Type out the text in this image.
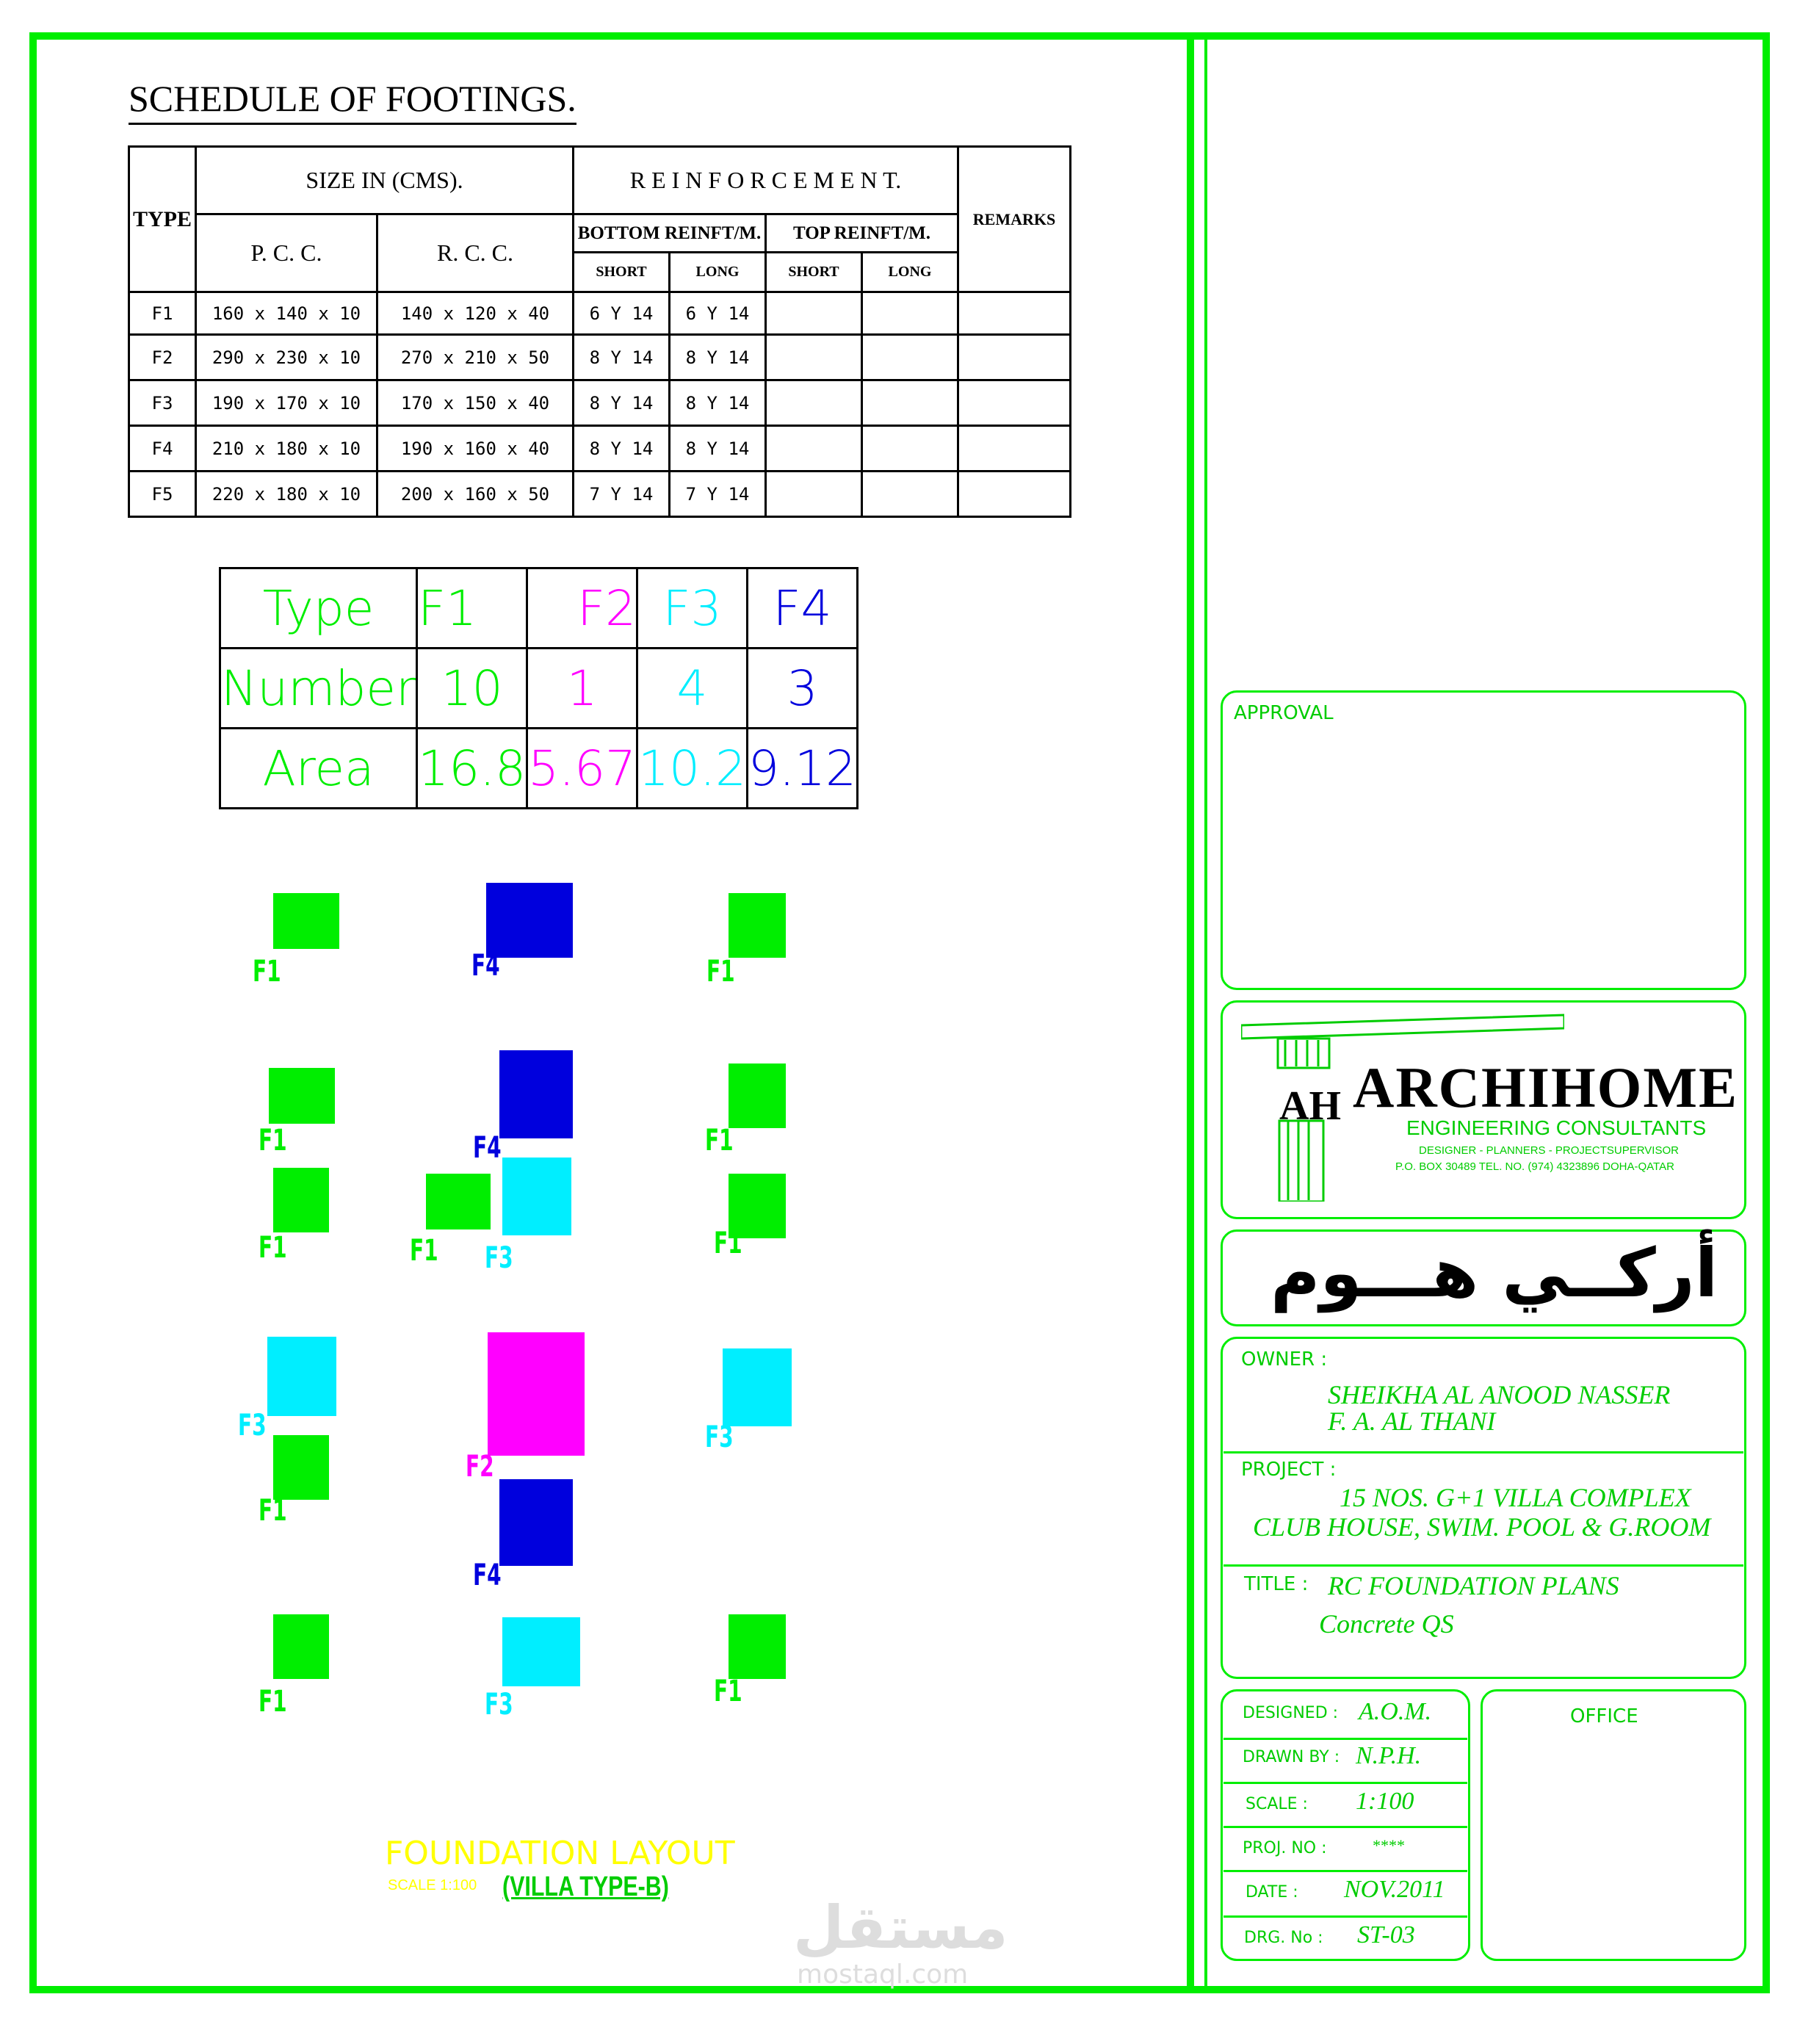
SCHEDULE OF FOOTINGS.
TYPE	SIZE IN (CMS).		R E I N F O R C E M E N T.				REMARKS
	P. C. C.	R. C. C.	BOTTOM REINFT/M.		TOP REINFT/M.		
			SHORT	LONG	SHORT	LONG	
F1	160 x 140 x 10	140 x 120 x 40	6 Y 14	6 Y 14			
F2	290 x 230 x 10	270 x 210 x 50	8 Y 14	8 Y 14			
F3	190 x 170 x 10	170 x 150 x 40	8 Y 14	8 Y 14			
F4	210 x 180 x 10	190 x 160 x 40	8 Y 14	8 Y 14			
F5	220 x 180 x 10	200 x 160 x 50	7 Y 14	7 Y 14			
Type	F1	F2	F3	F4
Number	10	1	4	3
Area	16.8	5.67	10.2	9.12
F1	F4	F1
F1	F4	F1
F1	F1 F3	F1
F3
F2
F3
F1
F4
F1	F3	F1
FOUNDATION LAYOUT
SCALE 1:100 (VILLA TYPE-B)
APPROVAL
AH ARCHIHOME
ENGINEERING CONSULTANTS
DESIGNER - PLANNERS - PROJECTSUPERVISOR
P.O. BOX 30489 TEL. NO. (974) 4323896 DOHA-QATAR
أركــي هـــوم
OWNER :
SHEIKHA AL ANOOD NASSER
F. A. AL THANI
PROJECT :
15 NOS. G+1 VILLA COMPLEX
CLUB HOUSE, SWIM. POOL & G.ROOM
TITLE : RC FOUNDATION PLANS
Concrete QS
DESIGNED : A.O.M.
DRAWN BY : N.P.H.
SCALE : 1:100
PROJ. NO :	****
DATE : NOV.2011
DRG. No : ST-03
OFFICE
مستقل
mostaql.com
